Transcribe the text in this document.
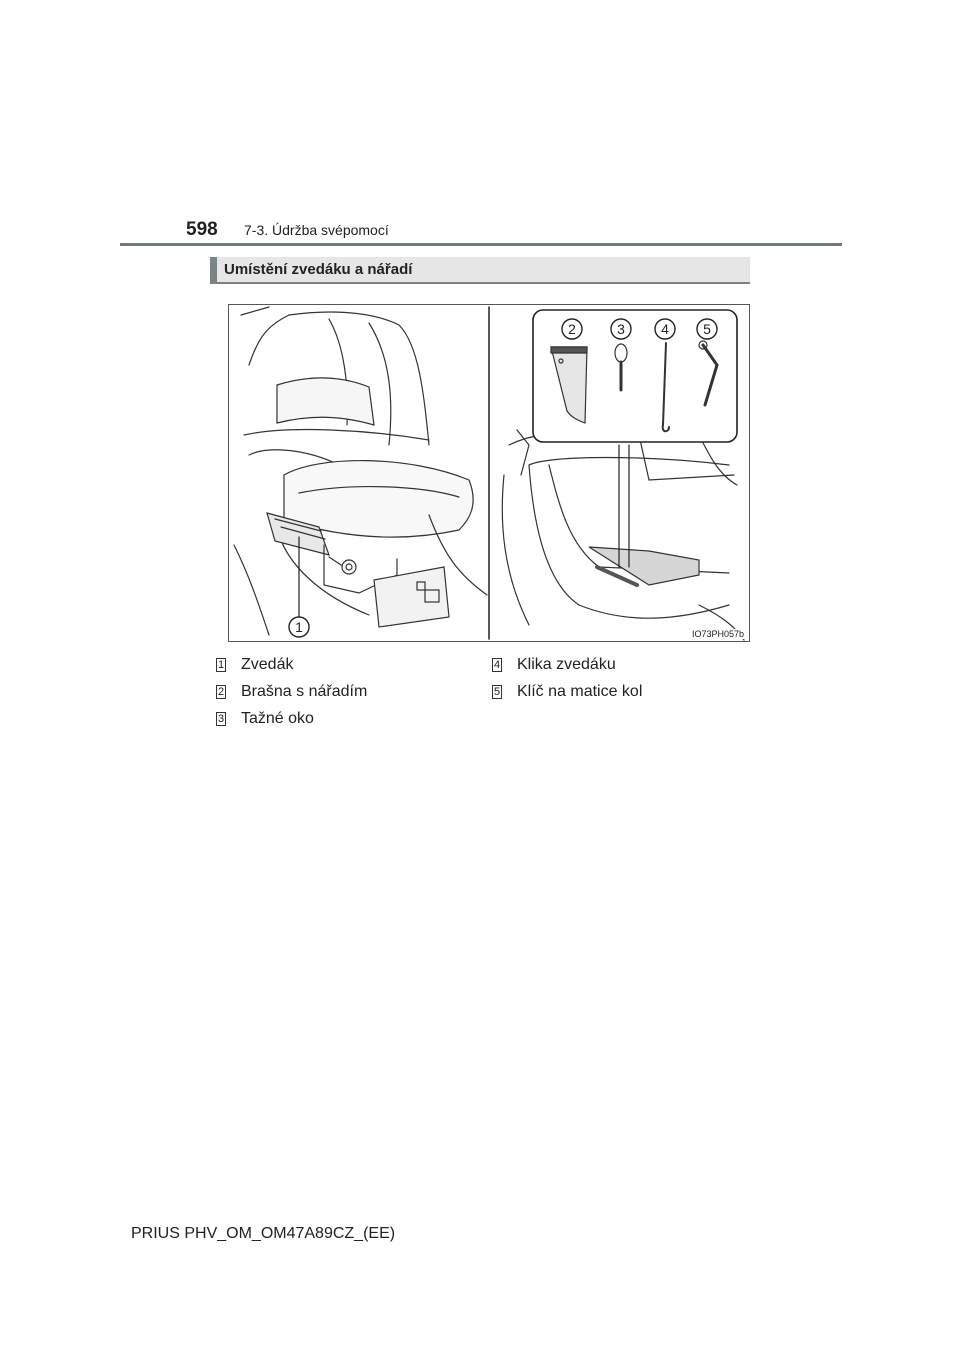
598 7-3. Údržba svépomocí
Umístění zvedáku a nářadí
1
2	3	4 5
IO73PH057b
1 Zvedák
2 Brašna s nářadím
3 Tažné oko
4 Klika zvedáku
5 Klíč na matice kol
PRIUS PHV_OM_OM47A89CZ_(EE)
